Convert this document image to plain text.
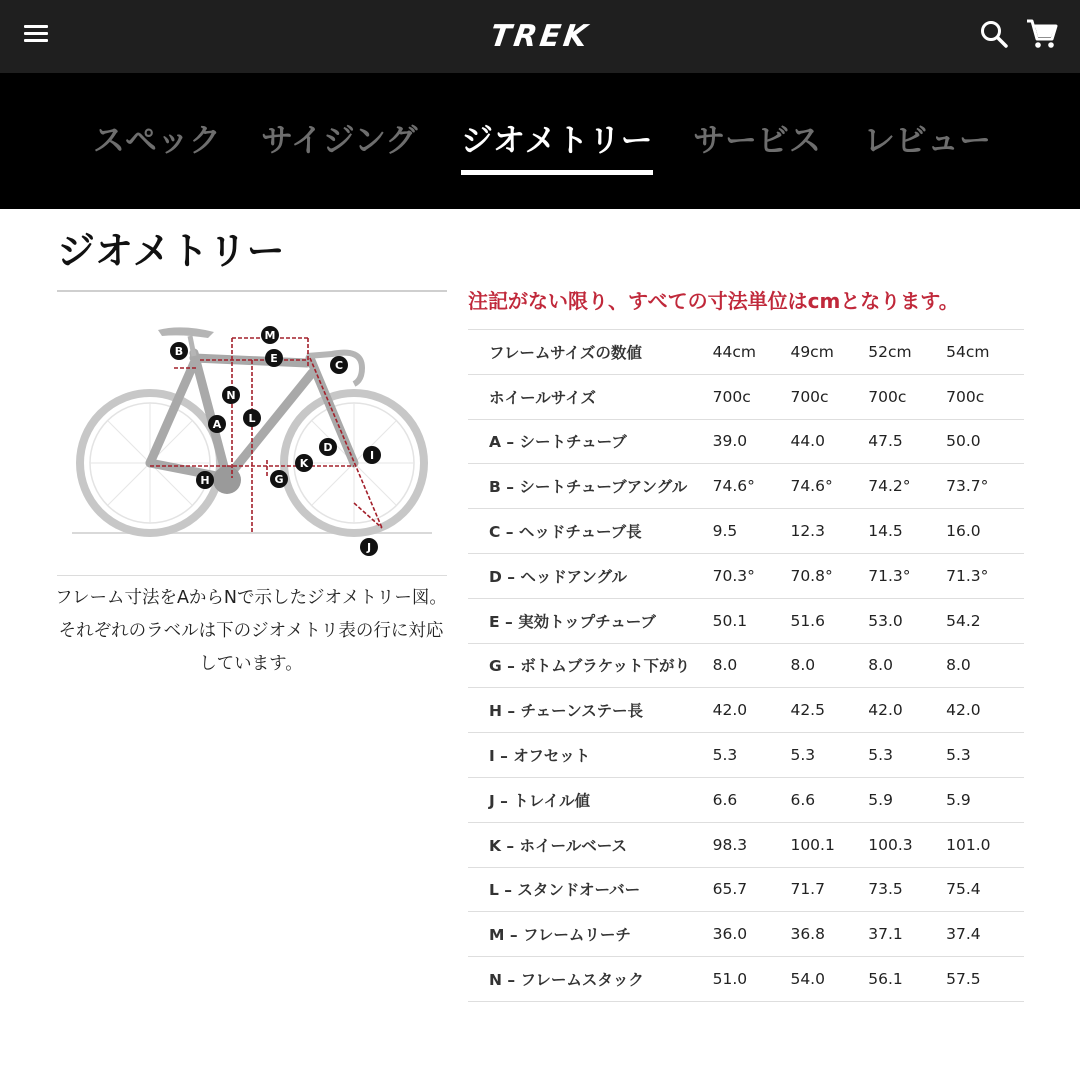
TREK
スペック サイジング ジオメトリー サービス レビュー
ジオメトリー
M
B
E
C
N
L
A
D
I
K
H	G
J

フレーム寸法をAからNで示したジオメトリー図。それぞれのラベルは下のジオメトリ表の行に対応しています。

注記がない限り、すべての寸法単位はcmとなります。

フレームサイズの数値	44cm	49cm	52cm	54cm
ホイールサイズ	700c	700c	700c	700c
A – シートチューブ	39.0	44.0	47.5	50.0
B – シートチューブアングル	74.6°	74.6°	74.2°	73.7°
C – ヘッドチューブ長	9.5	12.3	14.5	16.0
D – ヘッドアングル	70.3°	70.8°	71.3°	71.3°
E – 実効トップチューブ	50.1	51.6	53.0	54.2
G – ボトムブラケット下がり	8.0	8.0	8.0	8.0
H – チェーンステー長	42.0	42.5	42.0	42.0
I – オフセット	5.3	5.3	5.3	5.3
J – トレイル値	6.6	6.6	5.9	5.9
K – ホイールベース	98.3	100.1	100.3	101.0
L – スタンドオーバー	65.7	71.7	73.5	75.4
M – フレームリーチ	36.0	36.8	37.1	37.4
N – フレームスタック	51.0	54.0	56.1	57.5
